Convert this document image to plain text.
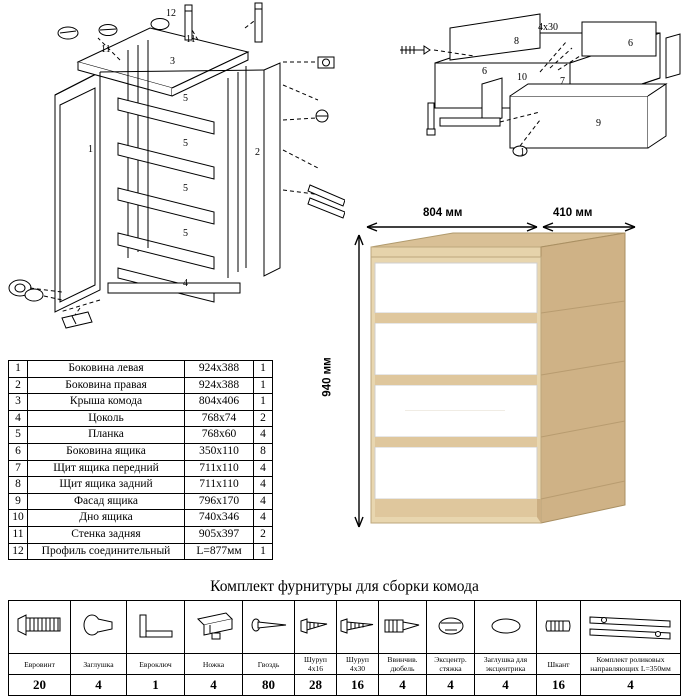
12
11
11
3
5
5
5
5
1	2
4
4х30
8	6
6
10	7
9
1
1	Боковина левая	924х388	1
2	Боковина правая	924х388	1
3	Крыша комода	804х406	1
4	Цоколь	768х74	2
5	Планка	768х60	4
6	Боковина ящика	350х110	8
7	Щит ящика передний	711х110	4
8	Щит ящика задний	711х110	4
9	Фасад ящика	796х170	4
10	Дно ящика	740х346	4
11	Стенка задняя	905х397	2
12	Профиль соединительный	L=877мм	1
804 мм	410 мм
940 мм
Комплект фурнитуры для сборки комода

Евровинт	Заглушка	Евроключ	Ножка	Гвоздь	Шуруп 4х16	Шуруп 4х30	Ввинчив. дюбель	Эксцентр. стяжка	Заглушка для эксцентрика	Шкант	Комплект роликовых направляющих L=350мм
20	4	1	4	80	28	16	4	4	4	16	4
